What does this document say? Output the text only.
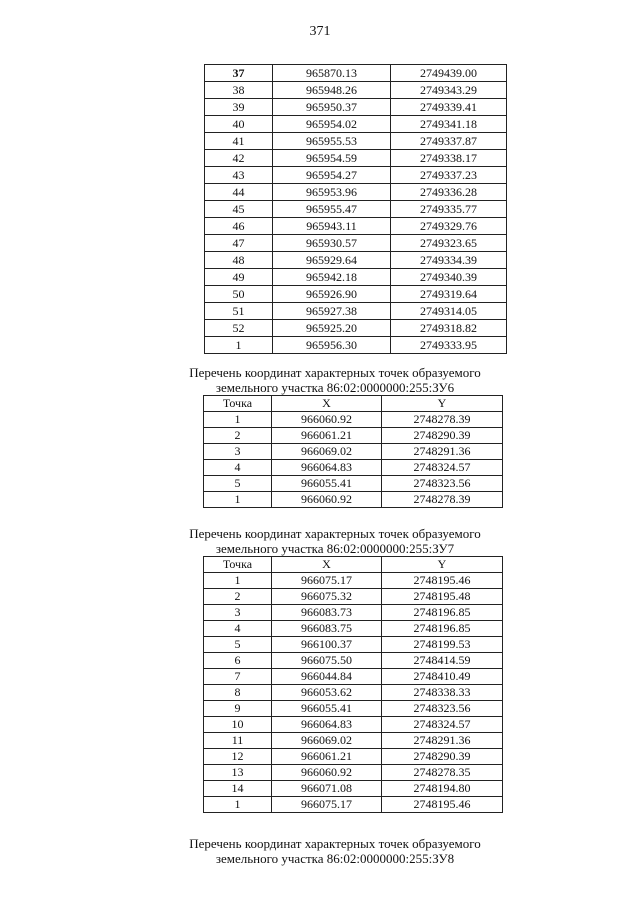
371
37	965870.13	2749439.00
38	965948.26	2749343.29
39	965950.37	2749339.41
40	965954.02	2749341.18
41	965955.53	2749337.87
42	965954.59	2749338.17
43	965954.27	2749337.23
44	965953.96	2749336.28
45	965955.47	2749335.77
46	965943.11	2749329.76
47	965930.57	2749323.65
48	965929.64	2749334.39
49	965942.18	2749340.39
50	965926.90	2749319.64
51	965927.38	2749314.05
52	965925.20	2749318.82
1	965956.30	2749333.95
Перечень координат характерных точек образуемого
земельного участка 86:02:0000000:255:ЗУ6
Точка	X	Y
1	966060.92	2748278.39
2	966061.21	2748290.39
3	966069.02	2748291.36
4	966064.83	2748324.57
5	966055.41	2748323.56
1	966060.92	2748278.39
Перечень координат характерных точек образуемого
земельного участка 86:02:0000000:255:ЗУ7
Точка	X	Y
1	966075.17	2748195.46
2	966075.32	2748195.48
3	966083.73	2748196.85
4	966083.75	2748196.85
5	966100.37	2748199.53
6	966075.50	2748414.59
7	966044.84	2748410.49
8	966053.62	2748338.33
9	966055.41	2748323.56
10	966064.83	2748324.57
11	966069.02	2748291.36
12	966061.21	2748290.39
13	966060.92	2748278.35
14	966071.08	2748194.80
1	966075.17	2748195.46
Перечень координат характерных точек образуемого
земельного участка 86:02:0000000:255:ЗУ8
